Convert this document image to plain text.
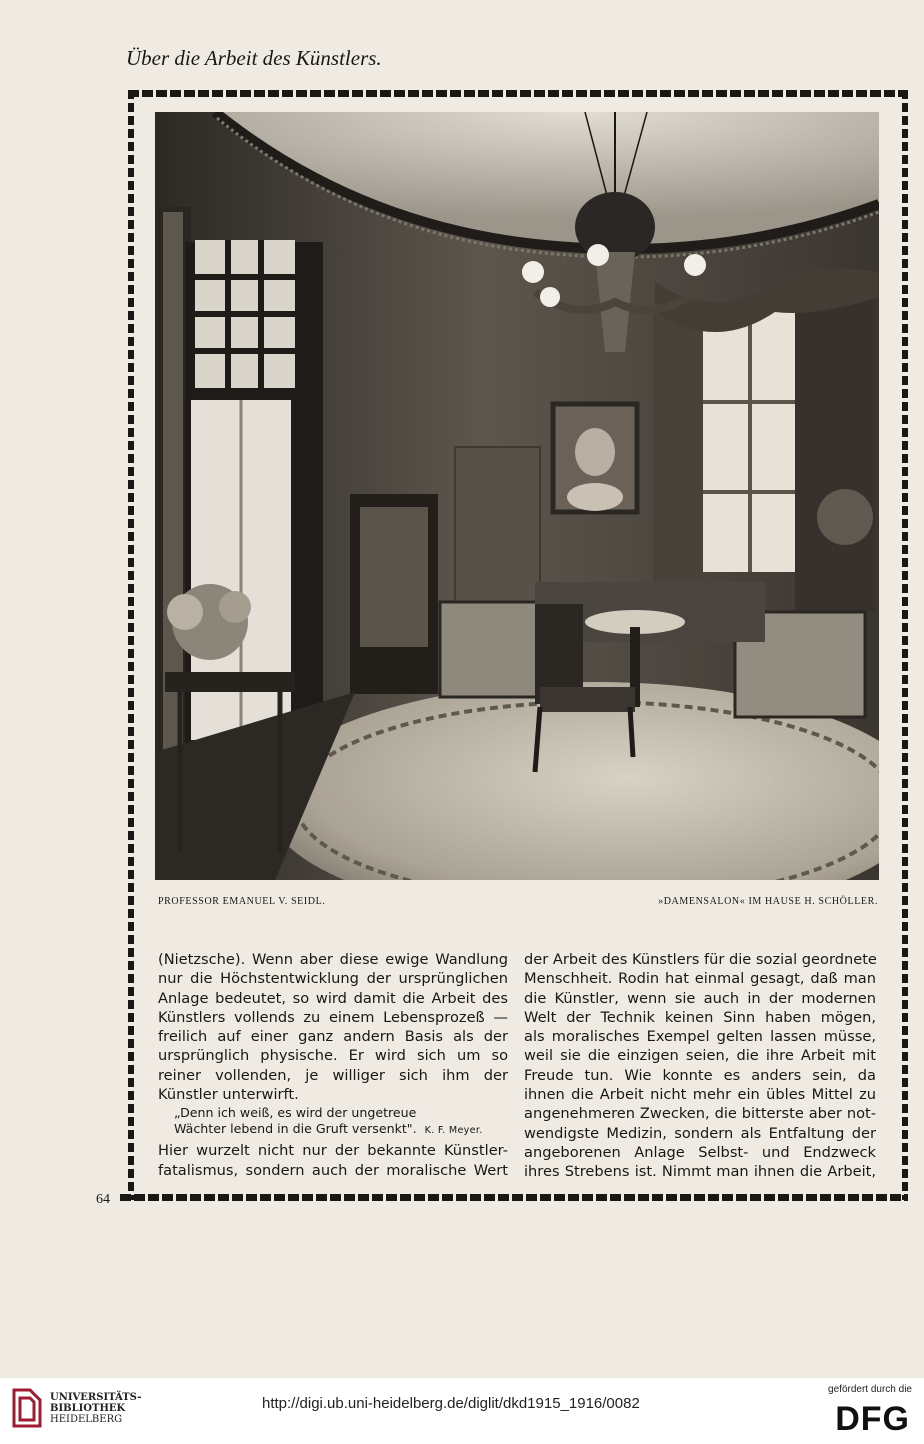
Über die Arbeit des Künstlers.
PROFESSOR EMANUEL V. SEIDL.	»DAMENSALON« IM HAUSE H. SCHÖLLER.
(Nietzsche). Wenn aber diese ewige Wandlung
nur die Höchstentwicklung der ursprünglichen
Anlage bedeutet, so wird damit die Arbeit des
Künstlers vollends zu einem Lebensprozeß —
freilich auf einer ganz andern Basis als der
ursprünglich physische. Er wird sich um so
reiner vollenden, je williger sich ihm der
Künstler unterwirft.
„Denn ich weiß, es wird der ungetreue
Wächter lebend in die Gruft versenkt". K. F. Meyer.
Hier wurzelt nicht nur der bekannte Künstler-
fatalismus, sondern auch der moralische Wert
der Arbeit des Künstlers für die sozial geordnete
Menschheit. Rodin hat einmal gesagt, daß man
die Künstler, wenn sie auch in der modernen
Welt der Technik keinen Sinn haben mögen,
als moralisches Exempel gelten lassen müsse,
weil sie die einzigen seien, die ihre Arbeit mit
Freude tun. Wie konnte es anders sein, da
ihnen die Arbeit nicht mehr ein übles Mittel zu
angenehmeren Zwecken, die bitterste aber not-
wendigste Medizin, sondern als Entfaltung der
angeborenen Anlage Selbst- und Endzweck
ihres Strebens ist. Nimmt man ihnen die Arbeit,
64
UNIVERSITÄTS-
BIBLIOTHEK
HEIDELBERG
http://digi.ub.uni-heidelberg.de/diglit/dkd1915_1916/0082
gefördert durch die
DFG
